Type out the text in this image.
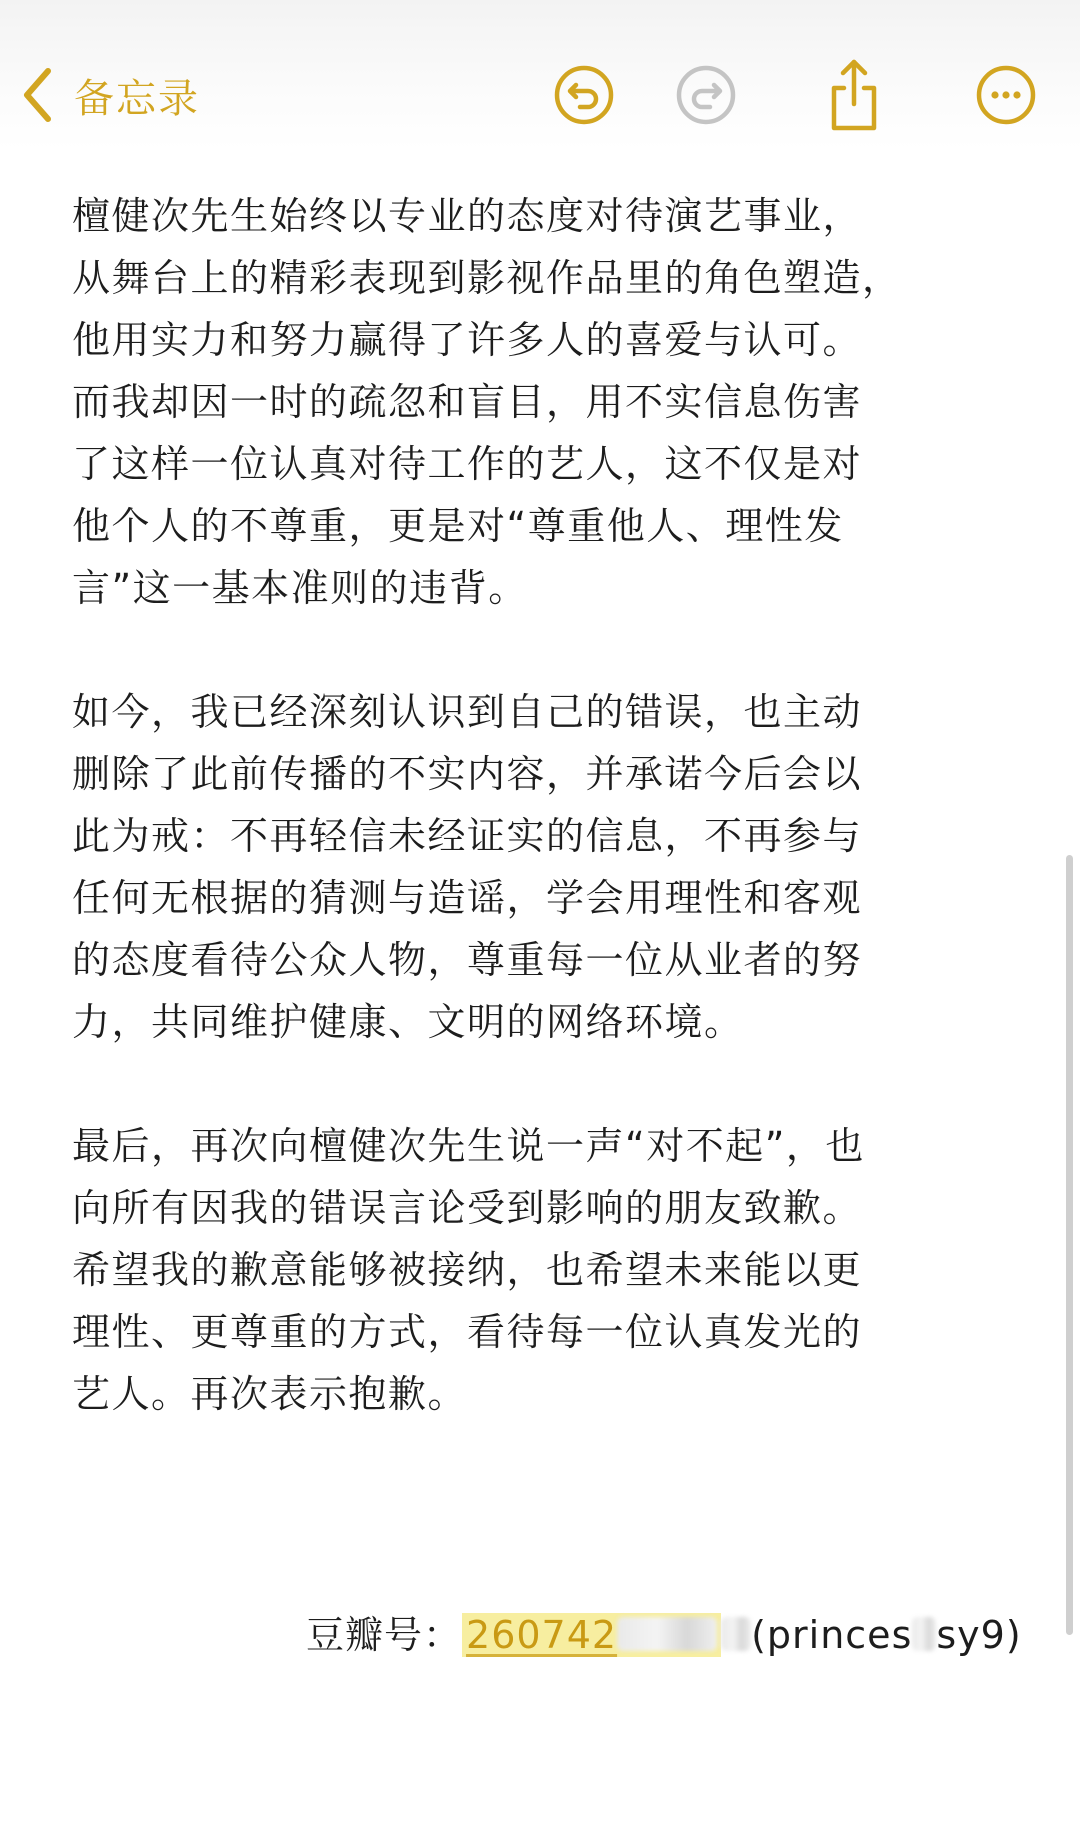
备忘录

檀健次先生始终以专业的态度对待演艺事业，
从舞台上的精彩表现到影视作品里的角色塑造，
他用实力和努力赢得了许多人的喜爱与认可。
而我却因一时的疏忽和盲目，用不实信息伤害
了这样一位认真对待工作的艺人，这不仅是对
他个人的不尊重，更是对“尊重他人、理性发
言”这一基本准则的违背。

如今，我已经深刻认识到自己的错误，也主动
删除了此前传播的不实内容，并承诺今后会以
此为戒：不再轻信未经证实的信息，不再参与
任何无根据的猜测与造谣，学会用理性和客观
的态度看待公众人物，尊重每一位从业者的努
力，共同维护健康、文明的网络环境。

最后，再次向檀健次先生说一声“对不起”，也
向所有因我的错误言论受到影响的朋友致歉。
希望我的歉意能够被接纳，也希望未来能以更
理性、更尊重的方式，看待每一位认真发光的
艺人。再次表示抱歉。

豆瓣号： 260742	(princes sy9)
